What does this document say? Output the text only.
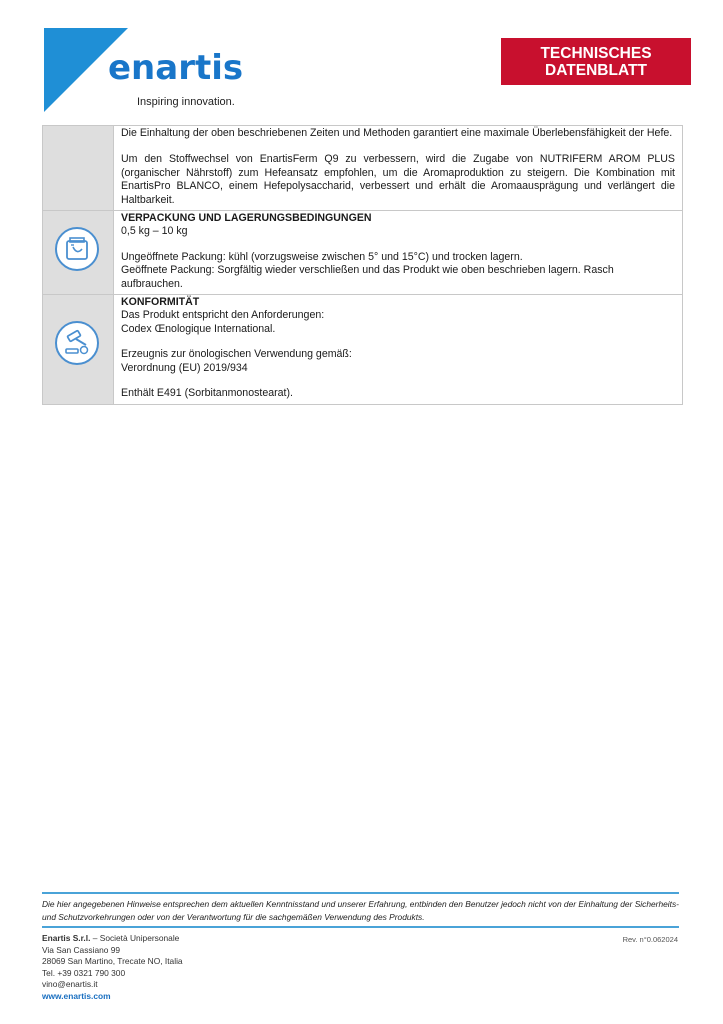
enartis
Inspiring innovation.
TECHNISCHES
DATENBLATT

Die Einhaltung der oben beschriebenen Zeiten und Methoden garantiert eine maximale Überlebensfähigkeit der Hefe.

Um den Stoffwechsel von EnartisFerm Q9 zu verbessern, wird die Zugabe von NUTRIFERM AROM PLUS (organischer Nährstoff) zum Hefeansatz empfohlen, um die Aromaproduktion zu steigern. Die Kombination mit EnartisPro BLANCO, einem Hefepolysaccharid, verbessert und erhält die Aromaausprägung und verlängert die Haltbarkeit.

VERPACKUNG UND LAGERUNGSBEDINGUNGEN

0,5 kg – 10 kg

Ungeöffnete Packung: kühl (vorzugsweise zwischen 5° und 15°C) und trocken lagern.

Geöffnete Packung: Sorgfältig wieder verschließen und das Produkt wie oben beschrieben lagern. Rasch aufbrauchen.

KONFORMITÄT

Das Produkt entspricht den Anforderungen:

Codex Œnologique International.

Erzeugnis zur önologischen Verwendung gemäß:

Verordnung (EU) 2019/934

Enthält E491 (Sorbitanmonostearat).

Die hier angegebenen Hinweise entsprechen dem aktuellen Kenntnisstand und unserer Erfahrung, entbinden den Benutzer jedoch nicht von der Einhaltung der Sicherheits- und Schutzvorkehrungen oder von der Verantwortung für die sachgemäßen Verwendung des Produkts.
Enartis S.r.l. – Società Unipersonale
Via San Cassiano 99
28069 San Martino, Trecate NO, Italia
Tel. +39 0321 790 300
vino@enartis.it
www.enartis.com
Rev. n°0.062024
